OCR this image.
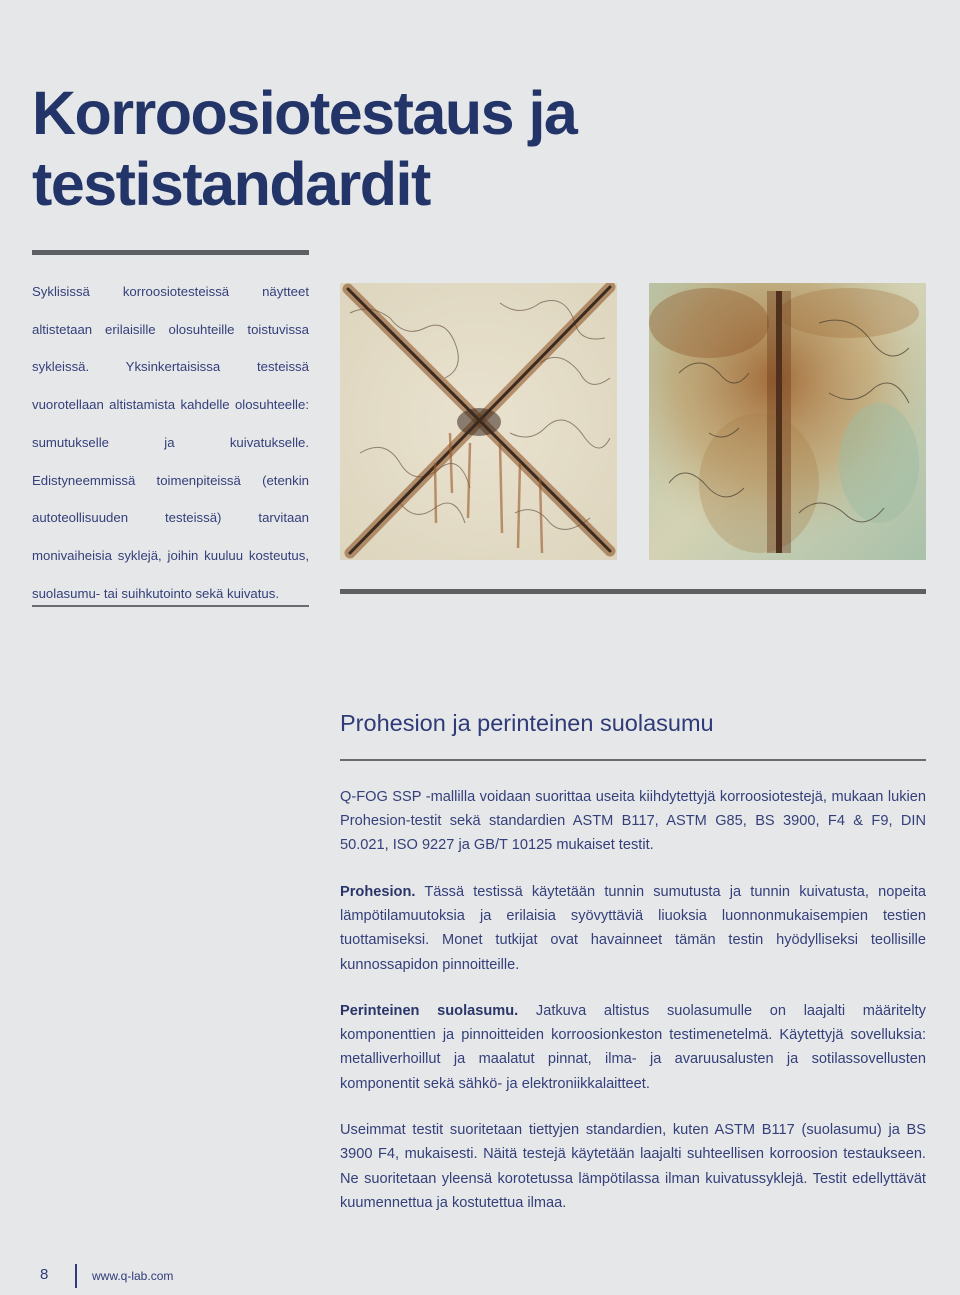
Korroosiotestaus ja
testistandardit

Syklisissä korroosiotesteissä näytteet altistetaan erilaisille olosuhteille toistuvissa sykleissä. Yksinkertaisissa testeissä vuorotellaan altistamista kahdelle olosuhteelle: sumutukselle ja kuivatukselle. Edistyneemmissä toimenpiteissä (etenkin autoteollisuuden testeissä) tarvitaan monivaiheisia syklejä, joihin kuuluu kosteutus, suolasumu- tai suihkutointo sekä kuivatus.

Prohesion ja perinteinen suolasumu

Q-FOG SSP -mallilla voidaan suorittaa useita kiihdytettyjä korroosiotestejä, mukaan lukien Prohesion-testit sekä standardien ASTM B117, ASTM G85, BS 3900, F4 & F9, DIN 50.021, ISO 9227 ja GB/T 10125 mukaiset testit.

Prohesion. Tässä testissä käytetään tunnin sumutusta ja tunnin kuivatusta, nopeita lämpötilamuutoksia ja erilaisia syövyttäviä liuoksia luonnonmukaisempien testien tuottamiseksi. Monet tutkijat ovat havainneet tämän testin hyödylliseksi teollisille kunnossapidon pinnoitteille.

Perinteinen suolasumu. Jatkuva altistus suolasumulle on laajalti määritelty komponenttien ja pinnoitteiden korroosionkeston testimenetelmä. Käytettyjä sovelluksia: metalliverhoillut ja maalatut pinnat, ilma- ja avaruusalusten ja sotilassovellusten komponentit sekä sähkö- ja elektroniikkalaitteet.

Useimmat testit suoritetaan tiettyjen standardien, kuten ASTM B117 (suolasumu) ja BS 3900 F4, mukaisesti. Näitä testejä käytetään laajalti suhteellisen korroosion testaukseen. Ne suoritetaan yleensä korotetussa lämpötilassa ilman kuivatussyklejä. Testit edellyttävät kuumennettua ja kostutettua ilmaa.

8	www.q-lab.com
